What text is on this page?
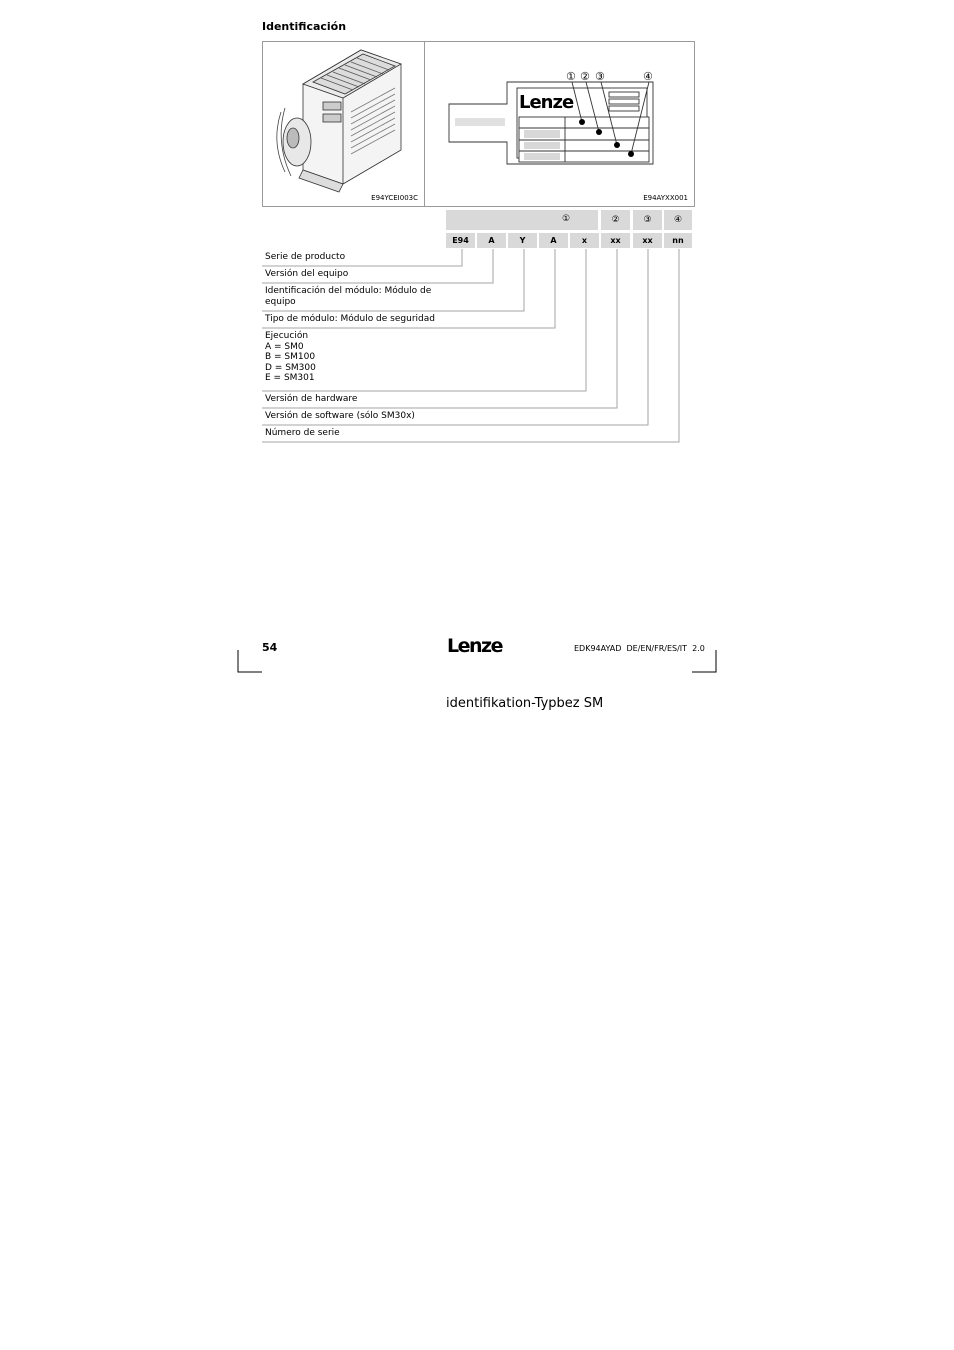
Identificación
E94YCEI003C
Lenze
① ② ③	④
E94AYXX001
①	②	③ ④
E94	A	Y	A	x	xx	xx	nn
Serie de producto
Versión del equipo
Identificación del módulo: Módulo de
equipo
Tipo de módulo: Módulo de seguridad
Ejecución
A = SM0
B = SM100
D = SM300
E = SM301
Versión de hardware
Versión de software (sólo SM30x)
Número de serie
54	Lenze	EDK94AYAD  DE/EN/FR/ES/IT  2.0
identifikation-Typbez SM
